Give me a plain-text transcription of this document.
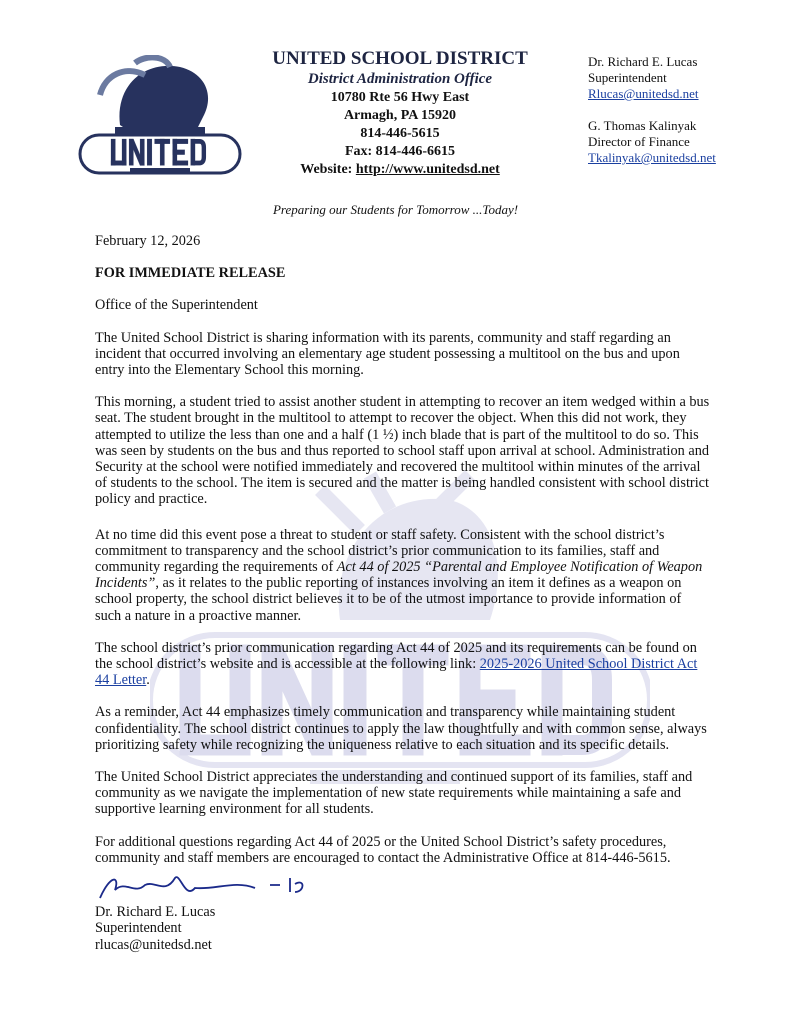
UNITED SCHOOL DISTRICT
District Administration Office
10780 Rte 56 Hwy East
Armagh, PA 15920
814-446-5615
Fax: 814-446-6615
Website: http://www.unitedsd.net
Dr. Richard E. Lucas
Superintendent
Rlucas@unitedsd.net
G. Thomas Kalinyak
Director of Finance
Tkalinyak@unitedsd.net
Preparing our Students for Tomorrow ...Today!

February 12, 2026

FOR IMMEDIATE RELEASE

Office of the Superintendent

The United School District is sharing information with its parents, community and staff regarding an incident that occurred involving an elementary age student possessing a multitool on the bus and upon entry into the Elementary School this morning.

This morning, a student tried to assist another student in attempting to recover an item wedged within a bus seat. The student brought in the multitool to attempt to recover the object. When this did not work, they attempted to utilize the less than one and a half (1 ½) inch blade that is part of the multitool to do so. This was seen by students on the bus and thus reported to school staff upon arrival at school. Administration and Security at the school were notified immediately and recovered the multitool within minutes of the arrival of students to the school. The item is secured and the matter is being handled consistent with school district policy and practice.

At no time did this event pose a threat to student or staff safety. Consistent with the school district’s commitment to transparency and the school district’s prior communication to its families, staff and community regarding the requirements of Act 44 of 2025 “Parental and Employee Notification of Weapon Incidents”, as it relates to the public reporting of instances involving an item it defines as a weapon on school property, the school district believes it to be of the utmost importance to provide information of such a nature in a proactive manner.

The school district’s prior communication regarding Act 44 of 2025 and its requirements can be found on the school district’s website and is accessible at the following link: 2025-2026 United School District Act 44 Letter.

As a reminder, Act 44 emphasizes timely communication and transparency while maintaining student confidentiality. The school district continues to apply the law thoughtfully and with common sense, always prioritizing safety while recognizing the uniqueness relative to each situation and its specific details.

The United School District appreciates the understanding and continued support of its families, staff and community as we navigate the implementation of new state requirements while maintaining a safe and supportive learning environment for all students.

For additional questions regarding Act 44 of 2025 or the United School District’s safety procedures, community and staff members are encouraged to contact the Administrative Office at 814-446-5615.

Dr. Richard E. Lucas
Superintendent
rlucas@unitedsd.net
